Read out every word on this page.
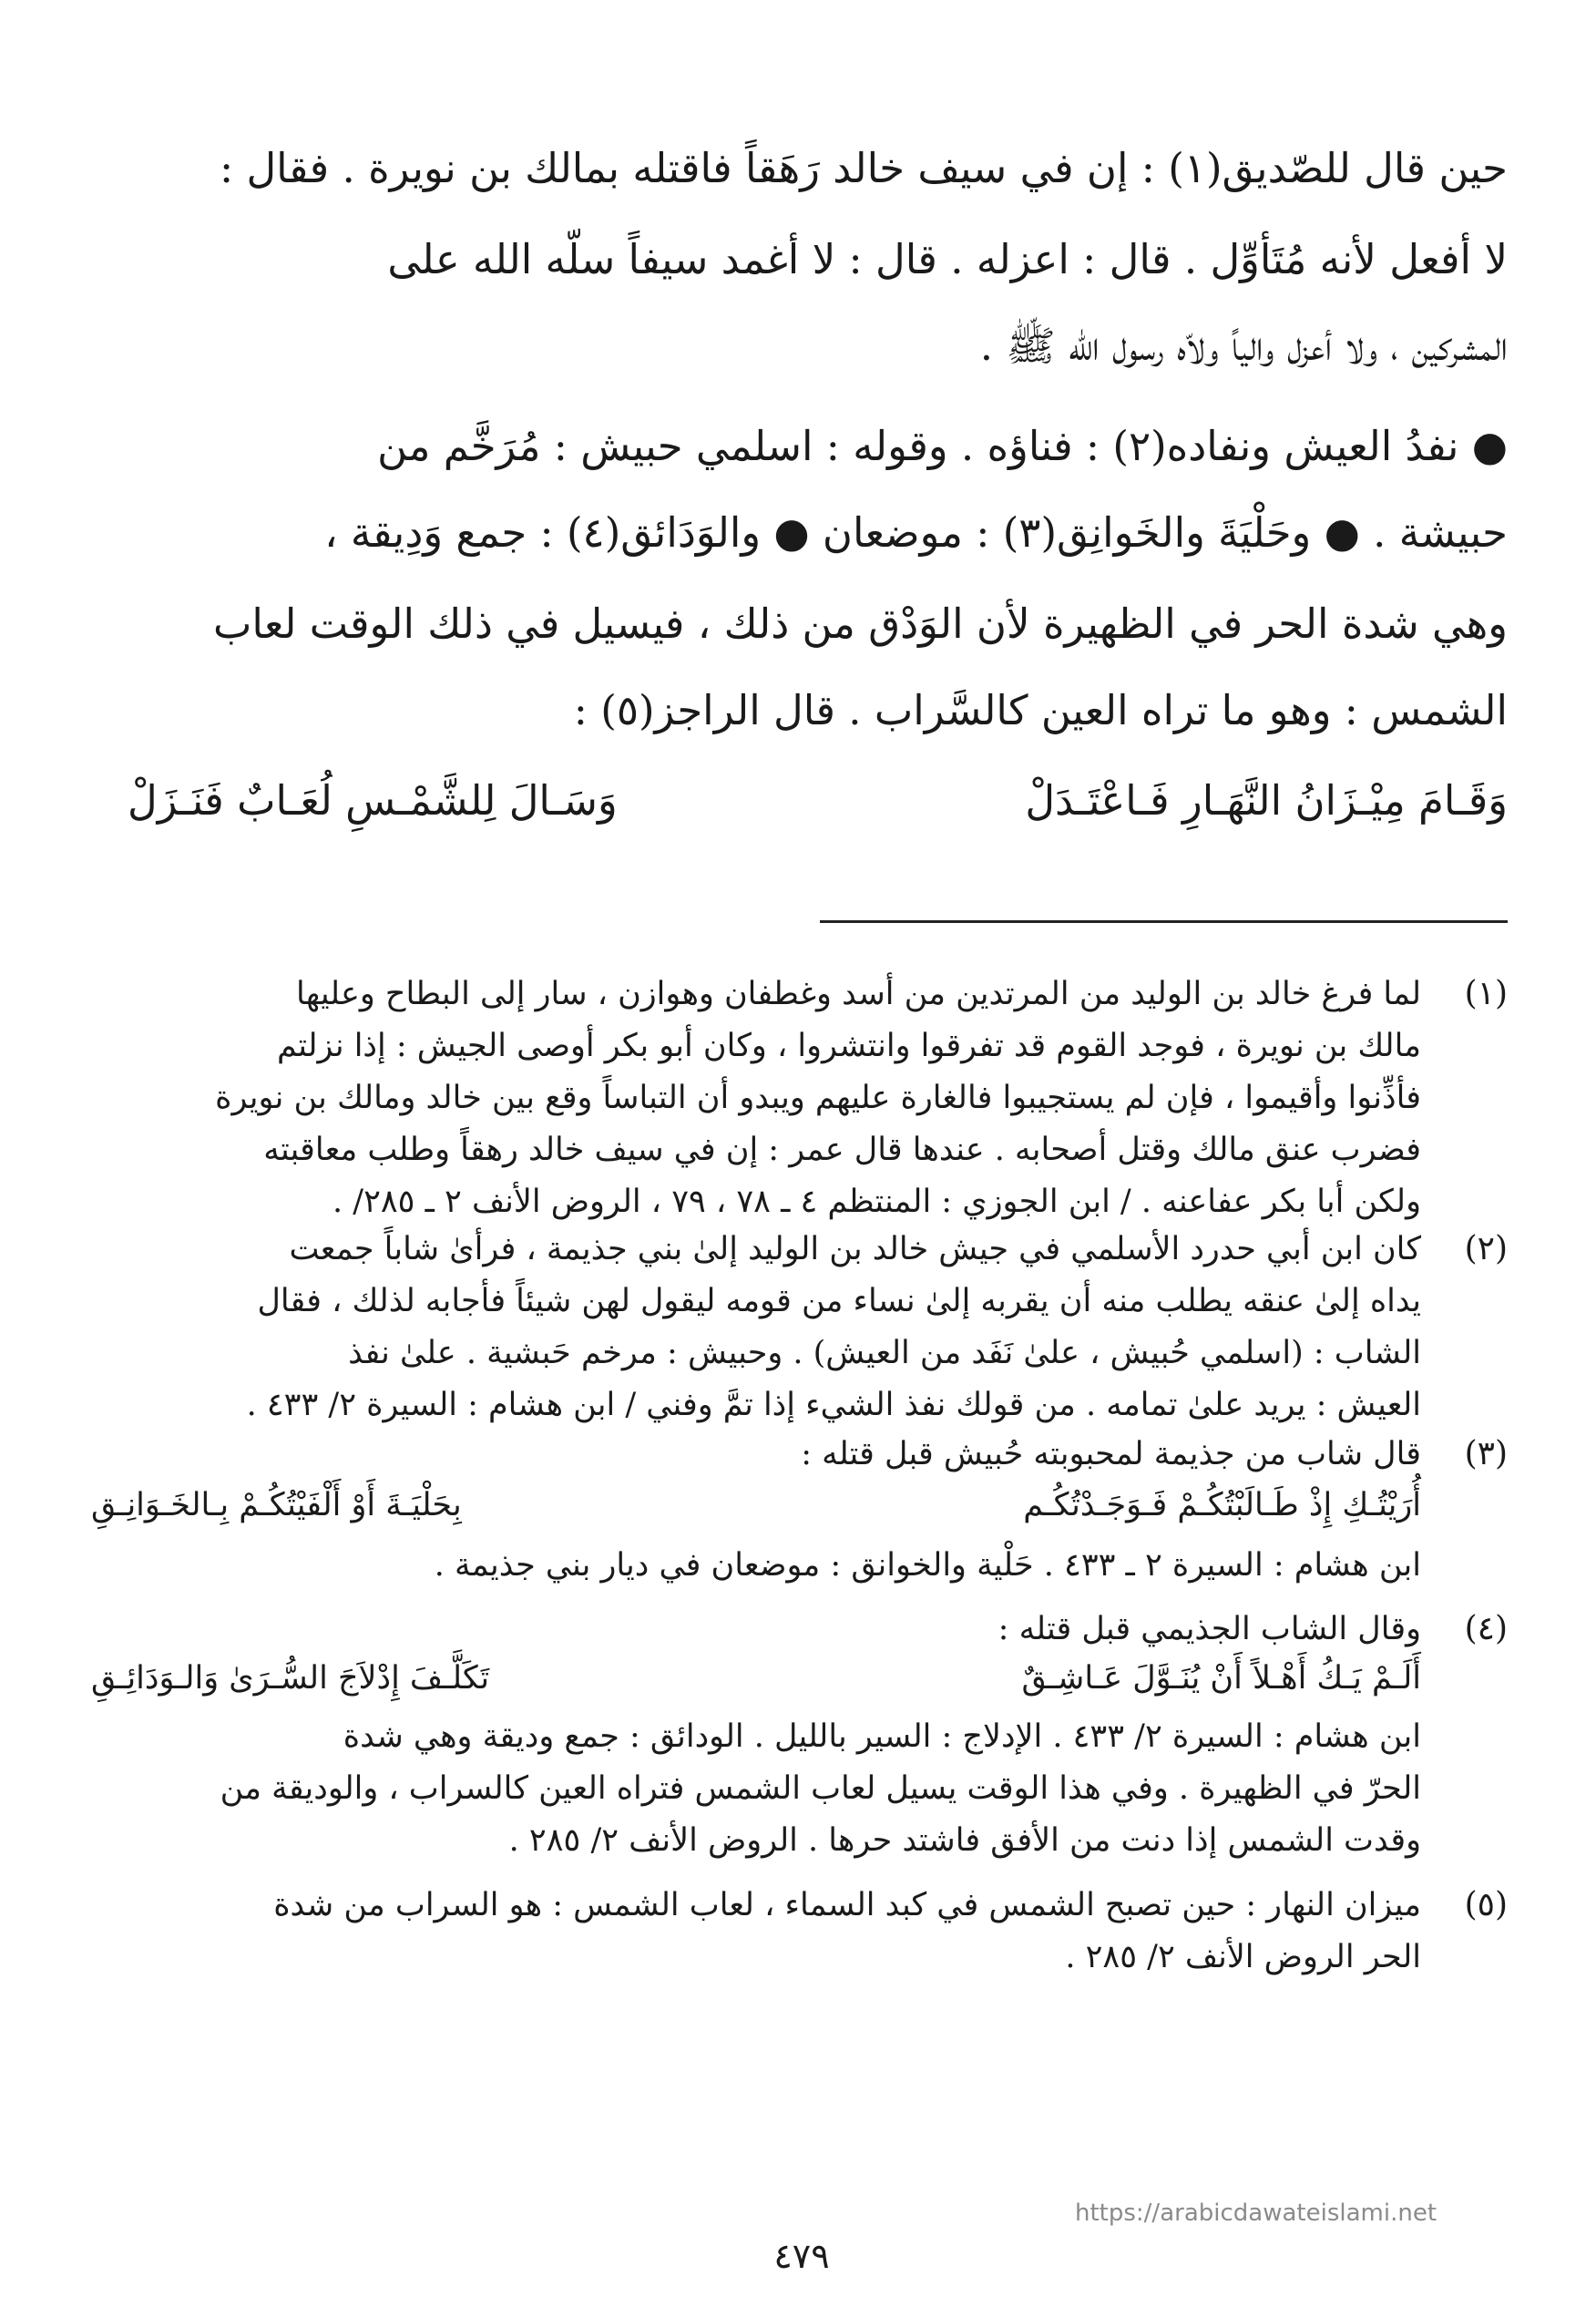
حين قال للصّديق(١) : إن في سيف خالد رَهَقاً فاقتله بمالك بن نويرة . فقال :
لا أفعل لأنه مُتَأوِّل . قال : اعزله . قال : لا أغمد سيفاً سلّه الله على
المشركين ، ولا أعزل والياً ولاّه رسول الله ﷺ .
● نفدُ العيش ونفاده(٢) : فناؤه . وقوله : اسلمي حبيش : مُرَخَّم من
حبيشة . ● وحَلْيَةَ والخَوانِق(٣) : موضعان ● والوَدَائق(٤) : جمع وَدِيقة ،
وهي شدة الحر في الظهيرة لأن الوَدْق من ذلك ، فيسيل في ذلك الوقت لعاب
الشمس : وهو ما تراه العين كالسَّراب . قال الراجز(٥) :
وَقَـامَ مِيْـزَانُ النَّهَـارِ فَـاعْتَـدَلْ
وَسَـالَ لِلشَّمْـسِ لُعَـابٌ فَنَـزَلْ
(١)
لما فرغ خالد بن الوليد من المرتدين من أسد وغطفان وهوازن ، سار إلى البطاح وعليها
مالك بن نويرة ، فوجد القوم قد تفرقوا وانتشروا ، وكان أبو بكر أوصى الجيش : إذا نزلتم
فأذِّنوا وأقيموا ، فإن لم يستجيبوا فالغارة عليهم ويبدو أن التباساً وقع بين خالد ومالك بن نويرة
فضرب عنق مالك وقتل أصحابه . عندها قال عمر : إن في سيف خالد رهقاً وطلب معاقبته
ولكن أبا بكر عفاعنه . / ابن الجوزي : المنتظم ٤ ـ ٧٨ ، ٧٩ ، الروض الأنف ٢ ـ ٢٨٥/ .
(٢)
كان ابن أبي حدرد الأسلمي في جيش خالد بن الوليد إلىٰ بني جذيمة ، فرأىٰ شاباً جمعت
يداه إلىٰ عنقه يطلب منه أن يقربه إلىٰ نساء من قومه ليقول لهن شيئاً فأجابه لذلك ، فقال
الشاب : (اسلمي حُبيش ، علىٰ نَفَد من العيش) . وحبيش : مرخم حَبشية . علىٰ نفذ
العيش : يريد علىٰ تمامه . من قولك نفذ الشيء إذا تمَّ وفني / ابن هشام : السيرة ٢/ ٤٣٣ .
(٣)
قال شاب من جذيمة لمحبوبته حُبيش قبل قتله :
أُرَيْتُـكِ إِذْ طَـالَبْتُكُـمْ فَـوَجَـدْتُكُـم
بِحَلْيَـةَ أَوْ أَلْفَيْتُكُـمْ بِـالخَـوَانِـقِ
ابن هشام : السيرة ٢ ـ ٤٣٣ . حَلْية والخوانق : موضعان في ديار بني جذيمة .
(٤)
وقال الشاب الجذيمي قبل قتله :
أَلَـمْ يَـكُ أَهْـلاً أَنْ يُنَـوَّلَ عَـاشِـقٌ
تَكَلَّـفَ إِدْلاَجَ السُّـرَىٰ وَالـوَدَائِـقِ
ابن هشام : السيرة ٢/ ٤٣٣ . الإدلاج : السير بالليل . الودائق : جمع وديقة وهي شدة
الحرّ في الظهيرة . وفي هذا الوقت يسيل لعاب الشمس فتراه العين كالسراب ، والوديقة من
وقدت الشمس إذا دنت من الأفق فاشتد حرها . الروض الأنف ٢/ ٢٨٥ .
(٥)
ميزان النهار : حين تصبح الشمس في كبد السماء ، لعاب الشمس : هو السراب من شدة
الحر الروض الأنف ٢/ ٢٨٥ .
https://arabicdawateislami.net
٤٧٩
